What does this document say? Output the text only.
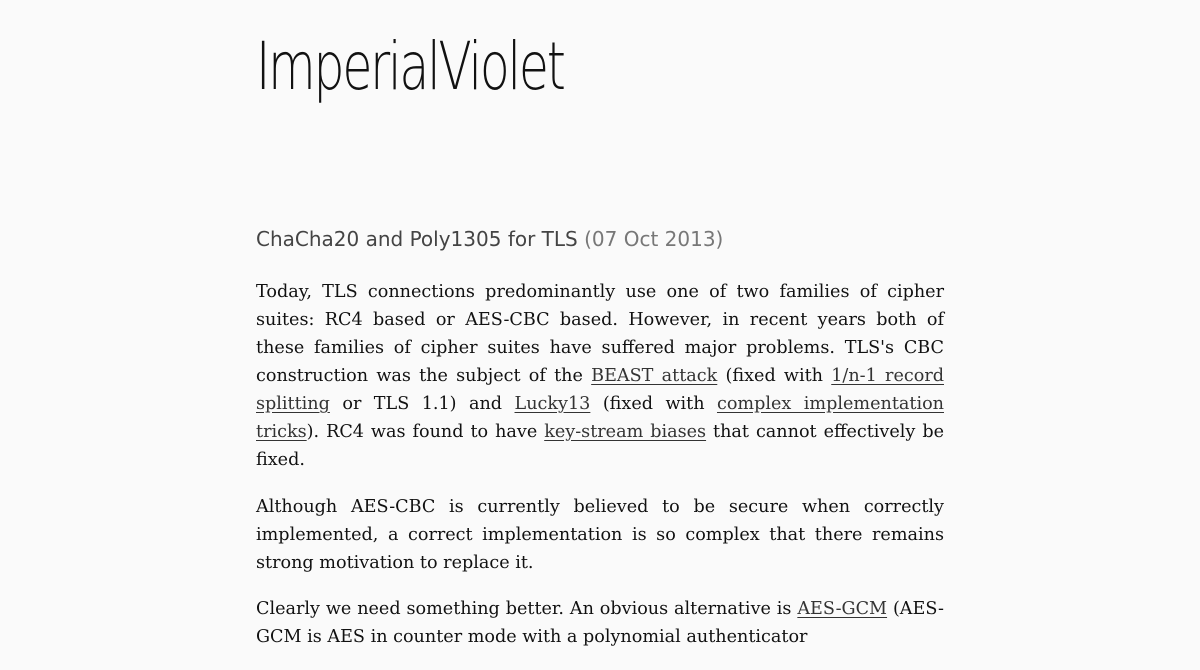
ImperialViolet
ChaCha20 and Poly1305 for TLS (07 Oct 2013)

Today, TLS connections predominantly use one of two families of cipher suites: RC4 based or AES-CBC based. However, in recent years both of these families of cipher suites have suffered major problems. TLS's CBC construction was the subject of the BEAST attack (fixed with 1/n-1 record splitting or TLS 1.1) and Lucky13 (fixed with complex implementation tricks). RC4 was found to have key-stream biases that cannot effectively be fixed.

Although AES-CBC is currently believed to be secure when correctly implemented, a correct implementation is so complex that there remains strong motivation to replace it.

Clearly we need something better. An obvious alternative is AES-GCM (AES-GCM is AES in counter mode with a polynomial authenticator
